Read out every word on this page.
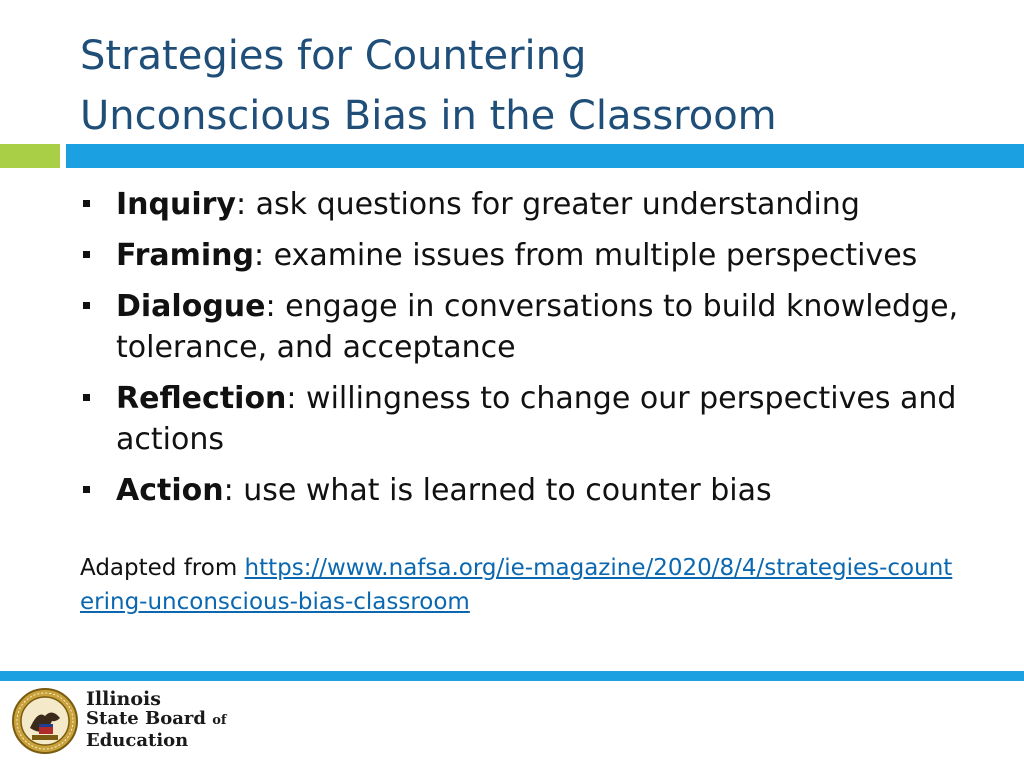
Strategies for Countering
Unconscious Bias in the Classroom
Inquiry: ask questions for greater understanding
Framing: examine issues from multiple perspectives
Dialogue: engage in conversations to build knowledge, tolerance, and acceptance
Reflection: willingness to change our perspectives and actions
Action: use what is learned to counter bias
Adapted from https://www.nafsa.org/ie-magazine/2020/8/4/strategies-countering-unconscious-bias-classroom
Illinois
State Board of
Education
